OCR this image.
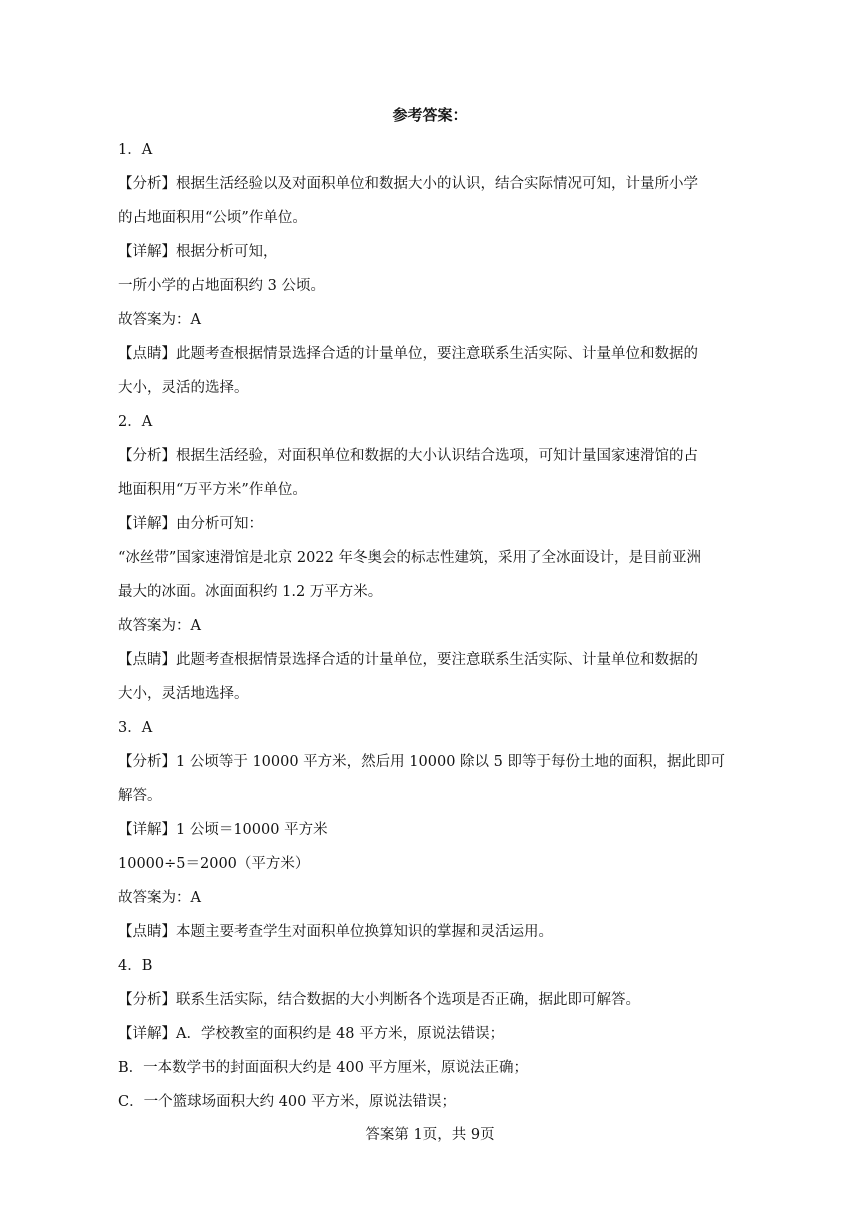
参考答案：
1．A
【分析】根据生活经验以及对面积单位和数据大小的认识，结合实际情况可知，计量所小学
的占地面积用“公顷”作单位。
【详解】根据分析可知，
一所小学的占地面积约 3 公顷。
故答案为：A
【点睛】此题考查根据情景选择合适的计量单位，要注意联系生活实际、计量单位和数据的
大小，灵活的选择。
2．A
【分析】根据生活经验，对面积单位和数据的大小认识结合选项，可知计量国家速滑馆的占
地面积用“万平方米”作单位。
【详解】由分析可知：
“冰丝带”国家速滑馆是北京 2022 年冬奥会的标志性建筑，采用了全冰面设计，是目前亚洲
最大的冰面。冰面面积约 1.2 万平方米。
故答案为：A
【点睛】此题考查根据情景选择合适的计量单位，要注意联系生活实际、计量单位和数据的
大小，灵活地选择。
3．A
【分析】1 公顷等于 10000 平方米，然后用 10000 除以 5 即等于每份土地的面积，据此即可
解答。
【详解】1 公顷＝10000 平方米
10000÷5＝2000（平方米）
故答案为：A
【点睛】本题主要考查学生对面积单位换算知识的掌握和灵活运用。
4．B
【分析】联系生活实际，结合数据的大小判断各个选项是否正确，据此即可解答。
【详解】A．学校教室的面积约是 48 平方米，原说法错误；
B．一本数学书的封面面积大约是 400 平方厘米，原说法正确；
C．一个篮球场面积大约 400 平方米，原说法错误；
答案第 1页，共 9页
